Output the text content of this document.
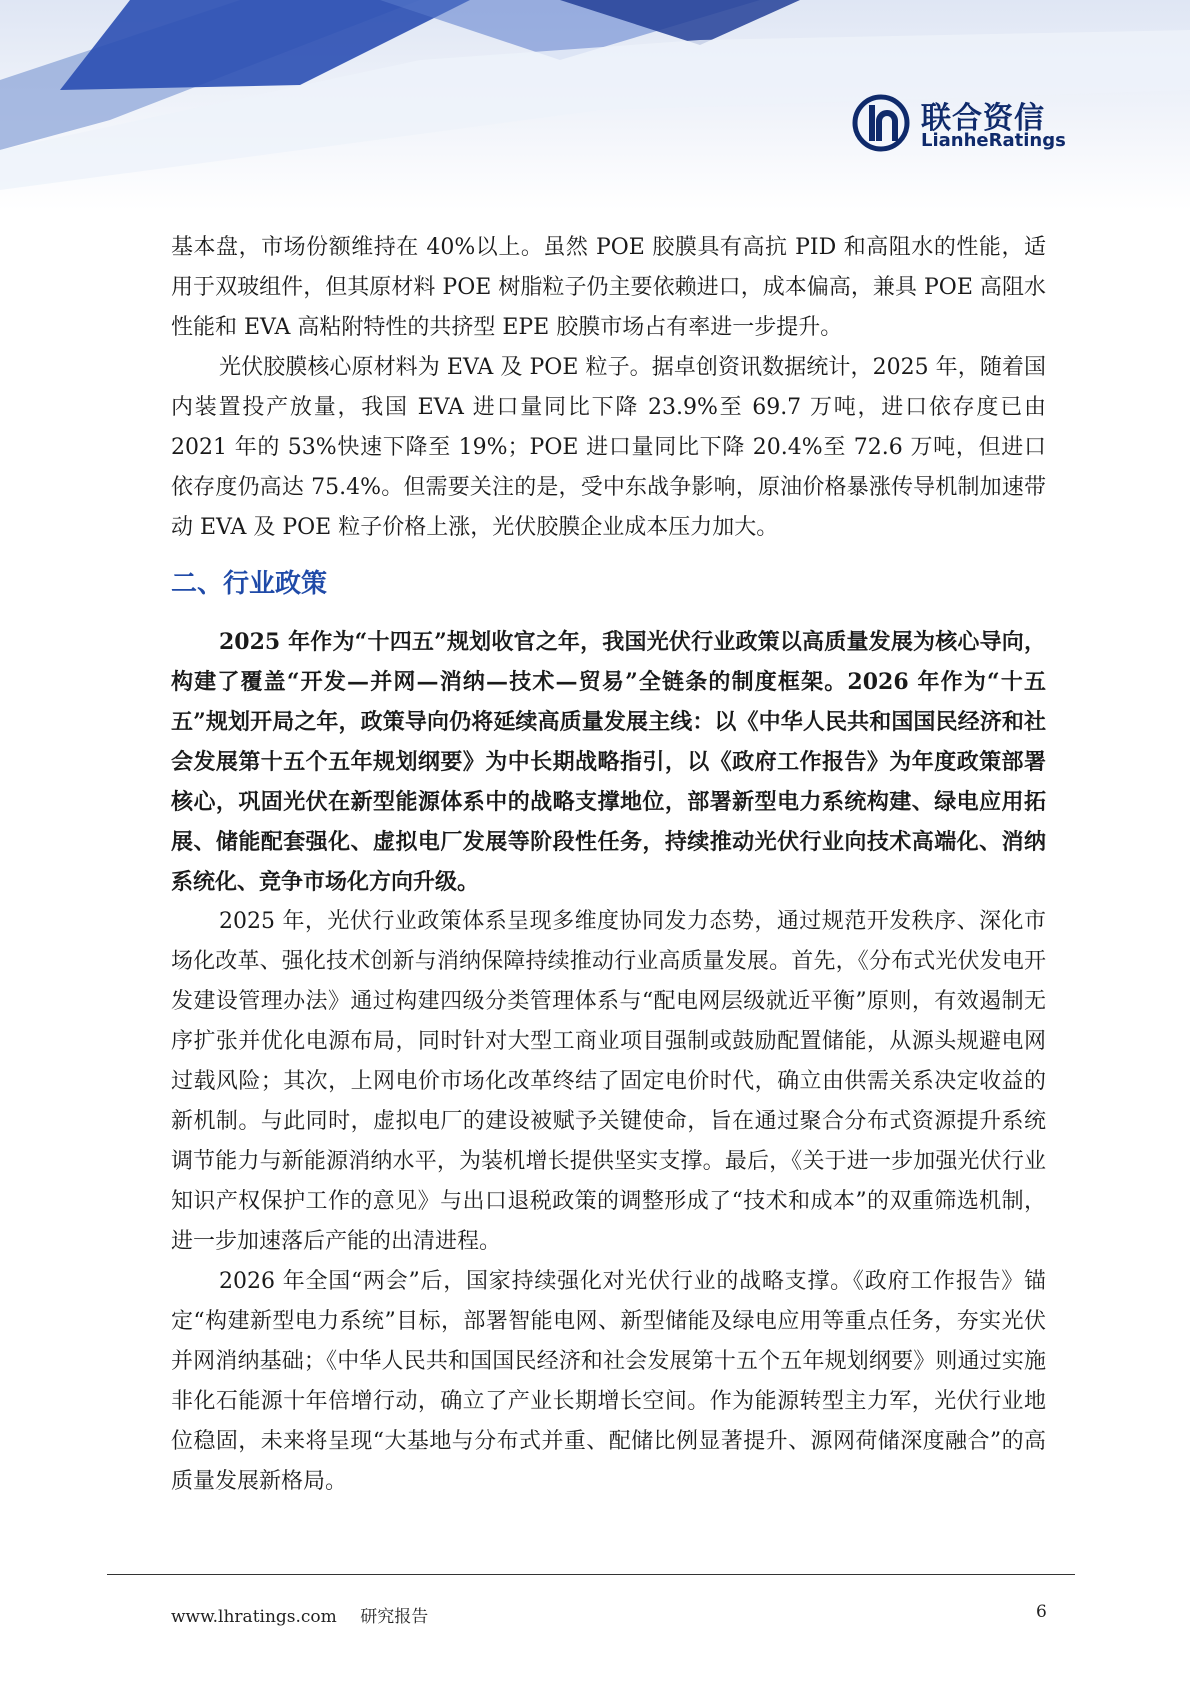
联合资信
LianheRatings

基本盘，市场份额维持在 40%以上。虽然 POE 胶膜具有高抗 PID 和高阻水的性能，适用于双玻组件，但其原材料 POE 树脂粒子仍主要依赖进口，成本偏高，兼具 POE 高阻水性能和 EVA 高粘附特性的共挤型 EPE 胶膜市场占有率进一步提升。

光伏胶膜核心原材料为 EVA 及 POE 粒子。据卓创资讯数据统计，2025 年，随着国内装置投产放量，我国 EVA 进口量同比下降 23.9%至 69.7 万吨，进口依存度已由 2021 年的 53%快速下降至 19%；POE 进口量同比下降 20.4%至 72.6 万吨，但进口依存度仍高达 75.4%。但需要关注的是，受中东战争影响，原油价格暴涨传导机制加速带动 EVA 及 POE 粒子价格上涨，光伏胶膜企业成本压力加大。

二、行业政策

2025 年作为“十四五”规划收官之年，我国光伏行业政策以高质量发展为核心导向，构建了覆盖“开发—并网—消纳—技术—贸易”全链条的制度框架。2026 年作为“十五五”规划开局之年，政策导向仍将延续高质量发展主线：以《中华人民共和国国民经济和社会发展第十五个五年规划纲要》为中长期战略指引，以《政府工作报告》为年度政策部署核心，巩固光伏在新型能源体系中的战略支撑地位，部署新型电力系统构建、绿电应用拓展、储能配套强化、虚拟电厂发展等阶段性任务，持续推动光伏行业向技术高端化、消纳系统化、竞争市场化方向升级。

2025 年，光伏行业政策体系呈现多维度协同发力态势，通过规范开发秩序、深化市场化改革、强化技术创新与消纳保障持续推动行业高质量发展。首先，《分布式光伏发电开发建设管理办法》通过构建四级分类管理体系与“配电网层级就近平衡”原则，有效遏制无序扩张并优化电源布局，同时针对大型工商业项目强制或鼓励配置储能，从源头规避电网过载风险；其次，上网电价市场化改革终结了固定电价时代，确立由供需关系决定收益的新机制。与此同时，虚拟电厂的建设被赋予关键使命，旨在通过聚合分布式资源提升系统调节能力与新能源消纳水平，为装机增长提供坚实支撑。最后，《关于进一步加强光伏行业知识产权保护工作的意见》与出口退税政策的调整形成了“技术和成本”的双重筛选机制，进一步加速落后产能的出清进程。

2026 年全国“两会”后，国家持续强化对光伏行业的战略支撑。《政府工作报告》锚定“构建新型电力系统”目标，部署智能电网、新型储能及绿电应用等重点任务，夯实光伏并网消纳基础；《中华人民共和国国民经济和社会发展第十五个五年规划纲要》则通过实施非化石能源十年倍增行动，确立了产业长期增长空间。作为能源转型主力军，光伏行业地位稳固，未来将呈现“大基地与分布式并重、配储比例显著提升、源网荷储深度融合”的高质量发展新格局。

www.lhratings.com 研究报告	6
